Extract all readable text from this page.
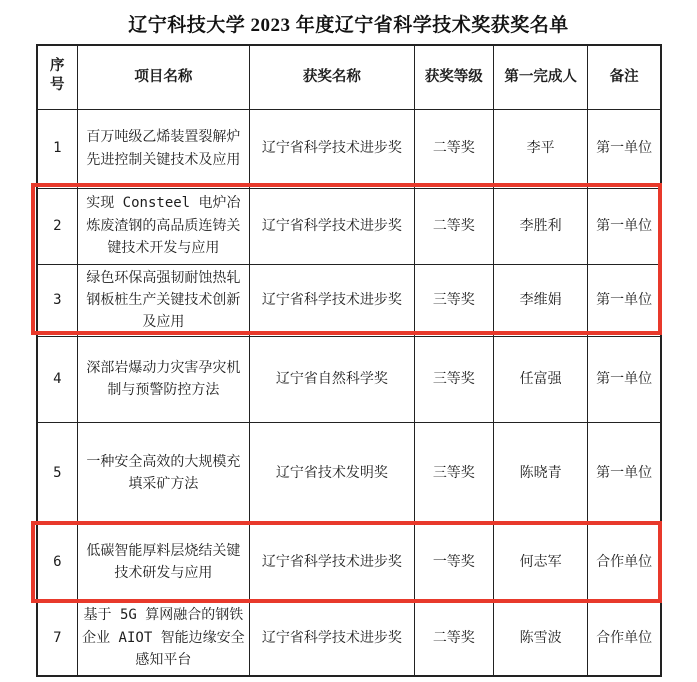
辽宁科技大学 2023 年度辽宁省科学技术奖获奖名单
序号	项目名称	获奖名称	获奖等级	第一完成人	备注
1	百万吨级乙烯装置裂解炉先进控制关键技术及应用	辽宁省科学技术进步奖	二等奖	李平	第一单位
2	实现 Consteel 电炉冶炼废渣钢的高品质连铸关键技术开发与应用	辽宁省科学技术进步奖	二等奖	李胜利	第一单位
3	绿色环保高强韧耐蚀热轧钢板桩生产关键技术创新及应用	辽宁省科学技术进步奖	三等奖	李维娟	第一单位
4	深部岩爆动力灾害孕灾机制与预警防控方法	辽宁省自然科学奖	三等奖	任富强	第一单位
5	一种安全高效的大规模充填采矿方法	辽宁省技术发明奖	三等奖	陈晓青	第一单位
6	低碳智能厚料层烧结关键技术研发与应用	辽宁省科学技术进步奖	一等奖	何志军	合作单位
7	基于 5G 算网融合的钢铁企业 AIOT 智能边缘安全感知平台	辽宁省科学技术进步奖	二等奖	陈雪波	合作单位
